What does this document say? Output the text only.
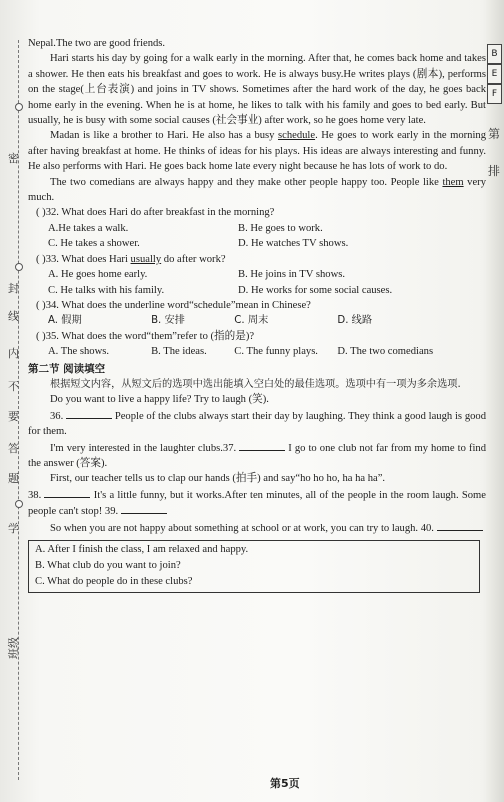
密
封
线
内
不
要
答
题
学
班级
B
E
F
第
排

Nepal.The two are good friends.

Hari starts his day by going for a walk early in the morning. After that, he comes back home and takes a shower. He then eats his breakfast and goes to work. He is always busy.He writes plays (剧本), performs on the stage(上台表演) and joins in TV shows. Sometimes after the hard work of the day, he goes back home early in the evening. When he is at home, he likes to talk with his family and goes to bed early. But usually, he is busy with some social causes (社会事业) after work, so he goes home very late.

Madan is like a brother to Hari. He also has a busy schedule. He goes to work early in the morning after having breakfast at home. He thinks of ideas for his plays. His ideas are always interesting and funny. He also performs with Hari. He goes back home late every night because he has lots of work to do.

The two comedians are always happy and they make other people happy too. People like them very much.

( )32. What does Hari do after breakfast in the morning?

A.He takes a walk.	B. He goes to work.
C. He takes a shower.	D. He watches TV shows.

( )33. What does Hari usually do after work?

A. He goes home early.	B. He joins in TV shows.
C. He talks with his family.	D. He works for some social causes.

( )34. What does the underline word“schedule”mean in Chinese?

A. 假期	B. 安排	C. 周末	D. 线路

( )35. What does the word“them”refer to (指的是)?

A. The shows.	B. The ideas.	C. The funny plays.	D. The two comedians

第二节 阅读填空

根据短文内容，从短文后的选项中选出能填入空白处的最佳选项。选项中有一项为多余选项.

Do you want to live a happy life? Try to laugh (笑).

36.	People of the clubs always start their day by laughing. They think a good laugh is good for them.

I'm very interested in the laughter clubs.37.	I go to one club not far from my home to find the answer (答案).

First, our teacher tells us to clap our hands (拍手) and say“ho ho ho, ha ha ha”.

38.	It's a little funny, but it works.After ten minutes, all of the people in the room laugh. Some people can't stop! 39.

So when you are not happy about something at school or at work, you can try to laugh. 40.

A. After I finish the class, I am relaxed and happy.

B. What club do you want to join?

C. What do people do in these clubs?

第5页
